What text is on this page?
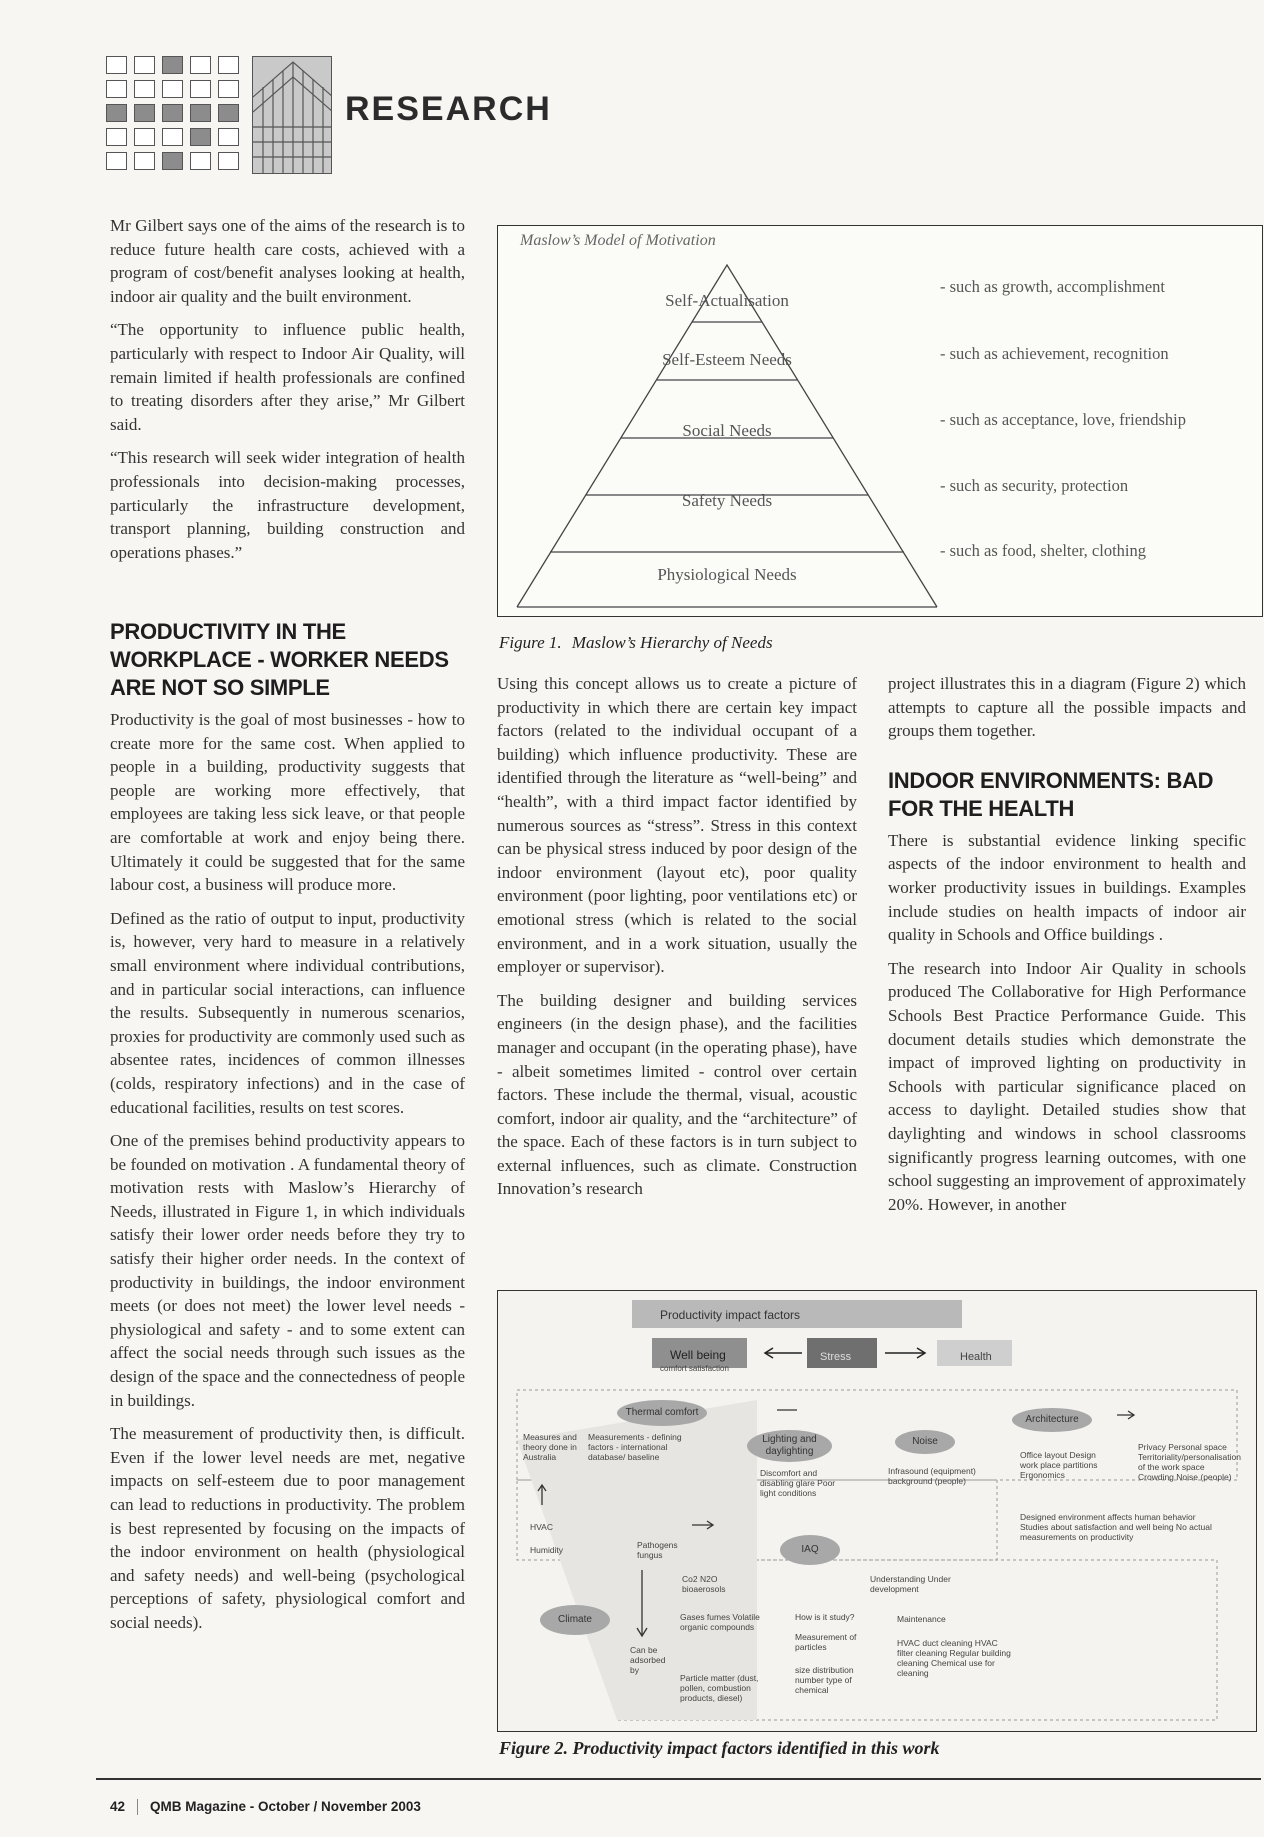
RESEARCH

Mr Gilbert says one of the aims of the research is to reduce future health care costs, achieved with a program of cost/benefit analyses looking at health, indoor air quality and the built environment.

“The opportunity to influence public health, particularly with respect to Indoor Air Quality, will remain limited if health professionals are confined to treating disorders after they arise,” Mr Gilbert said.

“This research will seek wider integration of health professionals into decision-making processes, particularly the infrastructure development, transport planning, building construction and operations phases.”

PRODUCTIVITY IN THE WORKPLACE - WORKER NEEDS ARE NOT SO SIMPLE

Productivity is the goal of most businesses - how to create more for the same cost. When applied to people in a building, productivity suggests that people are working more effectively, that employees are taking less sick leave, or that people are comfortable at work and enjoy being there. Ultimately it could be suggested that for the same labour cost, a business will produce more.

Defined as the ratio of output to input, productivity is, however, very hard to measure in a relatively small environment where individual contributions, and in particular social interactions, can influence the results. Subsequently in numerous scenarios, proxies for productivity are commonly used such as absentee rates, incidences of common illnesses (colds, respiratory infections) and in the case of educational facilities, results on test scores.

One of the premises behind productivity appears to be founded on motivation . A fundamental theory of motivation rests with Maslow’s Hierarchy of Needs, illustrated in Figure 1, in which individuals satisfy their lower order needs before they try to satisfy their higher order needs. In the context of productivity in buildings, the indoor environment meets (or does not meet) the lower level needs - physiological and safety - and to some extent can affect the social needs through such issues as the design of the space and the connectedness of people in buildings.

The measurement of productivity then, is difficult. Even if the lower level needs are met, negative impacts on self-esteem due to poor management can lead to reductions in productivity. The problem is best represented by focusing on the impacts of the indoor environment on health (physiological and safety needs) and well-being (psychological perceptions of safety, physiological comfort and social needs).

Maslow’s Model of Motivation
Self-Actualisation
Self-Esteem Needs
Social Needs
Safety Needs
Physiological Needs
- such as growth, accomplishment
- such as achievement, recognition
- such as acceptance, love, friendship
- such as security, protection
- such as food, shelter, clothing
Figure 1. Maslow’s Hierarchy of Needs

Using this concept allows us to create a picture of productivity in which there are certain key impact factors (related to the individual occupant of a building) which influence productivity. These are identified through the literature as “well-being” and “health”, with a third impact factor identified by numerous sources as “stress”. Stress in this context can be physical stress induced by poor design of the indoor environment (layout etc), poor quality environment (poor lighting, poor ventilations etc) or emotional stress (which is related to the social environment, and in a work situation, usually the employer or supervisor).

The building designer and building services engineers (in the design phase), and the facilities manager and occupant (in the operating phase), have - albeit sometimes limited - control over certain factors. These include the thermal, visual, acoustic comfort, indoor air quality, and the “architecture” of the space. Each of these factors is in turn subject to external influences, such as climate. Construction Innovation’s research

project illustrates this in a diagram (Figure 2) which attempts to capture all the possible impacts and groups them together.

INDOOR ENVIRONMENTS: BAD FOR THE HEALTH

There is substantial evidence linking specific aspects of the indoor environment to health and worker productivity issues in buildings. Examples include studies on health impacts of indoor air quality in Schools and Office buildings .

The research into Indoor Air Quality in schools produced The Collaborative for High Performance Schools Best Practice Performance Guide. This document details studies which demonstrate the impact of improved lighting on productivity in Schools with particular significance placed on access to daylight. Detailed studies show that daylighting and windows in school classrooms significantly progress learning outcomes, with one school suggesting an improvement of approximately 20%. However, in another

Productivity impact factors
Well being
comfort satisfaction
Stress	Health
Thermal comfort
Measures and theory done in Australia
Measurements - defining factors - international database/ baseline
Lighting and daylighting
Discomfort and disabling glare Poor light conditions
Noise
Infrasound (equipment) background (people)
Architecture
Office layout Design work place partitions Ergonomics
Privacy Personal space Territoriality/personalisation of the work space Crowding Noise (people)
Designed environment affects human behavior Studies about satisfaction and well being No actual measurements on productivity
HVAC
Humidity	Pathogens fungus	IAQ
Co2 N2O bioaerosols
Understanding Under development
Climate	Gases fumes Volatile organic compounds
Can be adsorbed by
Particle matter (dust, pollen, combustion products, diesel)
How is it study?
Measurement of particles
size distribution number type of chemical
Maintenance
HVAC duct cleaning HVAC filter cleaning Regular building cleaning Chemical use for cleaning
Figure 2. Productivity impact factors identified in this work
42 QMB Magazine - October / November 2003
